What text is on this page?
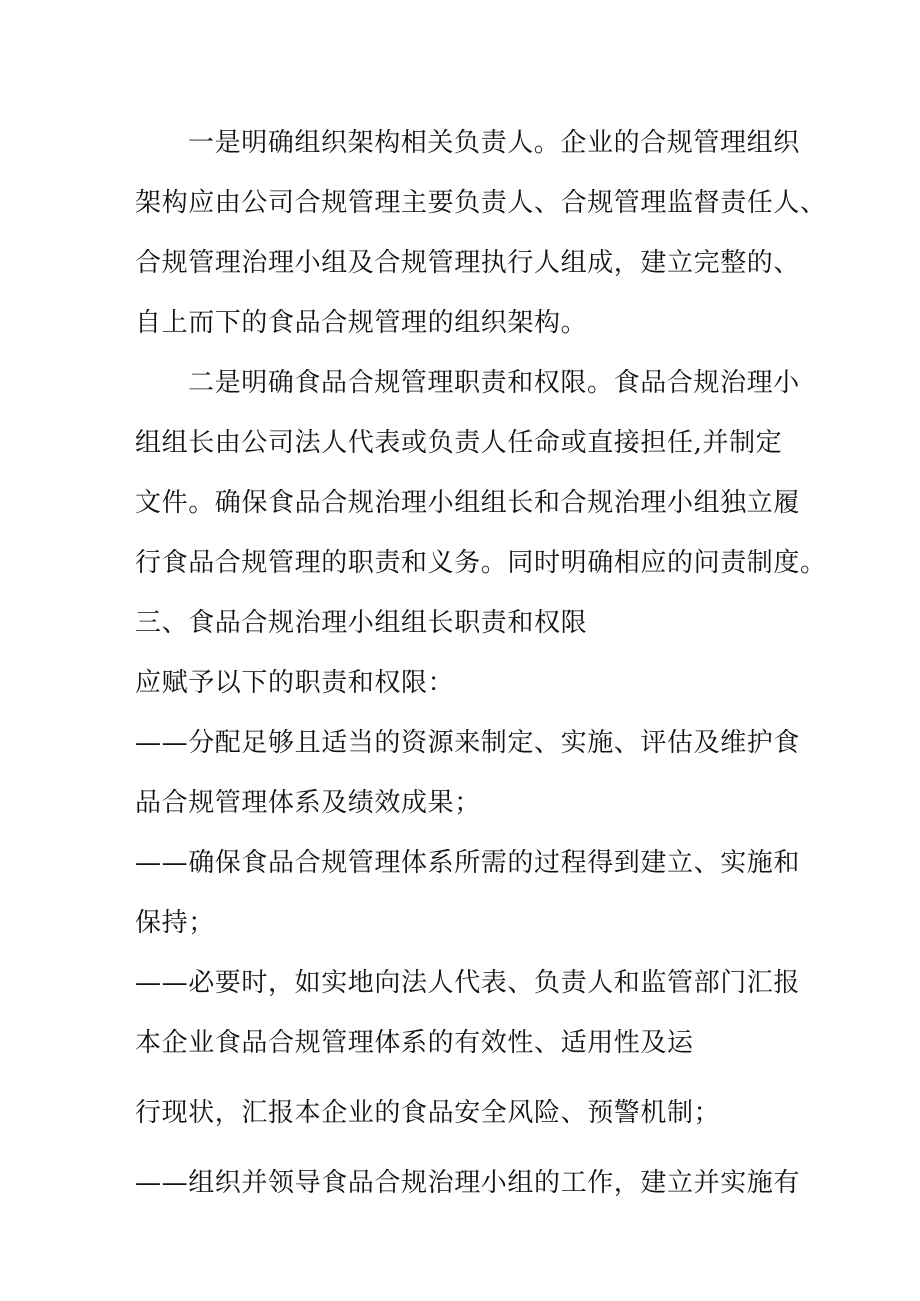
一是明确组织架构相关负责人。企业的合规管理组织
架构应由公司合规管理主要负责人、合规管理监督责任人、
合规管理治理小组及合规管理执行人组成，建立完整的、
自上而下的食品合规管理的组织架构。
二是明确食品合规管理职责和权限。食品合规治理小
组组长由公司法人代表或负责人任命或直接担任,并制定
文件。确保食品合规治理小组组长和合规治理小组独立履
行食品合规管理的职责和义务。同时明确相应的问责制度。
三、食品合规治理小组组长职责和权限
应赋予以下的职责和权限：
——分配足够且适当的资源来制定、实施、评估及维护食
品合规管理体系及绩效成果；
——确保食品合规管理体系所需的过程得到建立、实施和
保持；
——必要时，如实地向法人代表、负责人和监管部门汇报
本企业食品合规管理体系的有效性、适用性及运
行现状，汇报本企业的食品安全风险、预警机制；
——组织并领导食品合规治理小组的工作，建立并实施有
